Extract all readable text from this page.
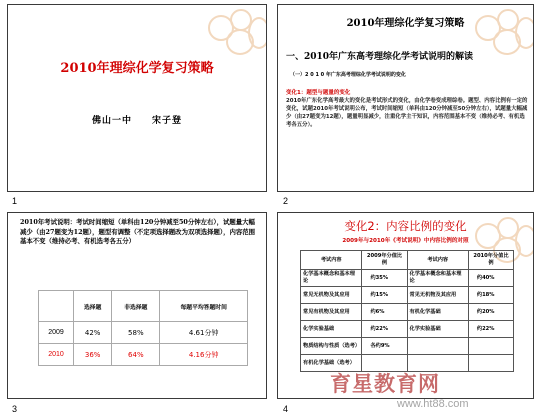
2010年理综化学复习策略
佛山一中　　宋子登
1
2010年理综化学复习策略
一、2010年广东高考理综化学考试说明的解读
（一）2 0 1 0 年广东高考理综化学考试说明的变化
变化1：题型与题量的变化
2010年广东化学高考最大的变化是考试形式的变化，由化学卷变成理综卷。题型、内容比例有一定的变化，试题2010年考试说明公布，考试时间缩短（单科由120分钟减至50分钟左右），试题量大幅减少（由27题变为12题），题量明显减少，注重化学主干知识，内容范围基本不变（维持必考、有机选考各五分）。
2
2010年考试说明：考试时间缩短（单科由120分钟减至50分钟左右），试题量大幅减少（由27题变为12题），题型有调整（不定项选择题改为双项选择题），内容范围基本不变（维持必考、有机选考各五分）
	选择题	非选择题	每题平均答题时间
2009	42%	58%	4.61分钟
2010	36%	64%	4.16分钟
3
变化2：内容比例的变化
2009年与2010年《考试说明》中内容比例的对照
考试内容	2009年分值比例	考试内容	2010年分值比例
化学基本概念和基本理论	约35%	化学基本概念和基本理论	约40%
常见无机物及其应用	约15%	常见无机物及其应用	约18%
常见有机物及其应用	约6%	有机化学基础	约20%
化学实验基础	约22%	化学实验基础	约22%
物质结构与性质（选考）	各约9%		
有机化学基础（选考）			
4
育星教育网
www.ht88.com
